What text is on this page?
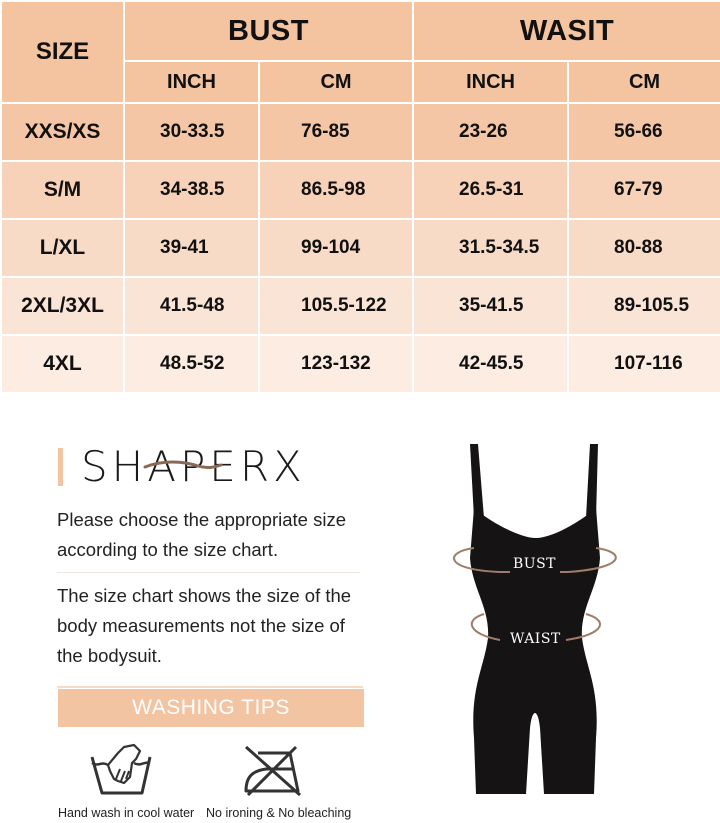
SIZE	BUST		WASIT	
	INCH	CM	INCH	CM
XXS/XS	30-33.5	76-85	23-26	56-66
S/M	34-38.5	86.5-98	26.5-31	67-79
L/XL	39-41	99-104	31.5-34.5	80-88
2XL/3XL	41.5-48	105.5-122	35-41.5	89-105.5
4XL	48.5-52	123-132	42-45.5	107-116
SHAPERX
Please choose the appropriate size according to the size chart.
The size chart shows the size of the body measurements not the size of the bodysuit.
WASHING TIPS
Hand wash in cool water No ironing & No bleaching
BUST
WAIST
